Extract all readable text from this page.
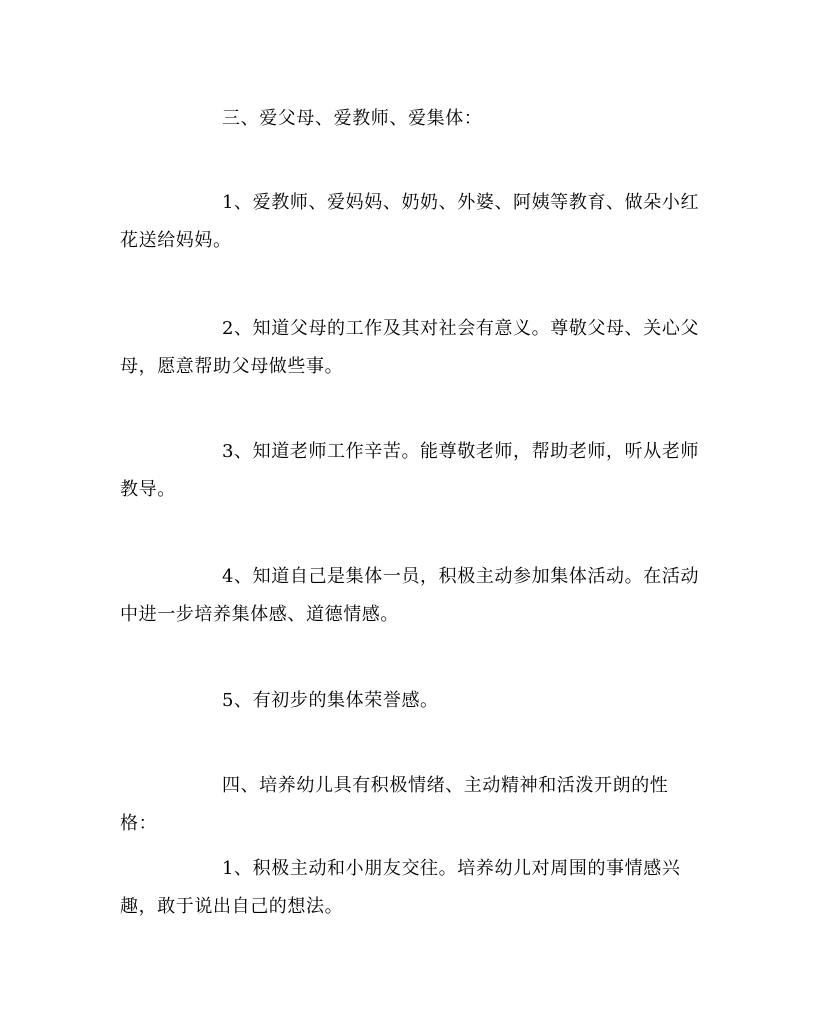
三、爱父母、爱教师、爱集体：

1、爱教师、爱妈妈、奶奶、外婆、阿姨等教育、做朵小红花送给妈妈。

2、知道父母的工作及其对社会有意义。尊敬父母、关心父母，愿意帮助父母做些事。

3、知道老师工作辛苦。能尊敬老师，帮助老师，听从老师教导。

4、知道自己是集体一员，积极主动参加集体活动。在活动中进一步培养集体感、道德情感。

5、有初步的集体荣誉感。

四、培养幼儿具有积极情绪、主动精神和活泼开朗的性格：

1、积极主动和小朋友交往。培养幼儿对周围的事情感兴趣，敢于说出自己的想法。
